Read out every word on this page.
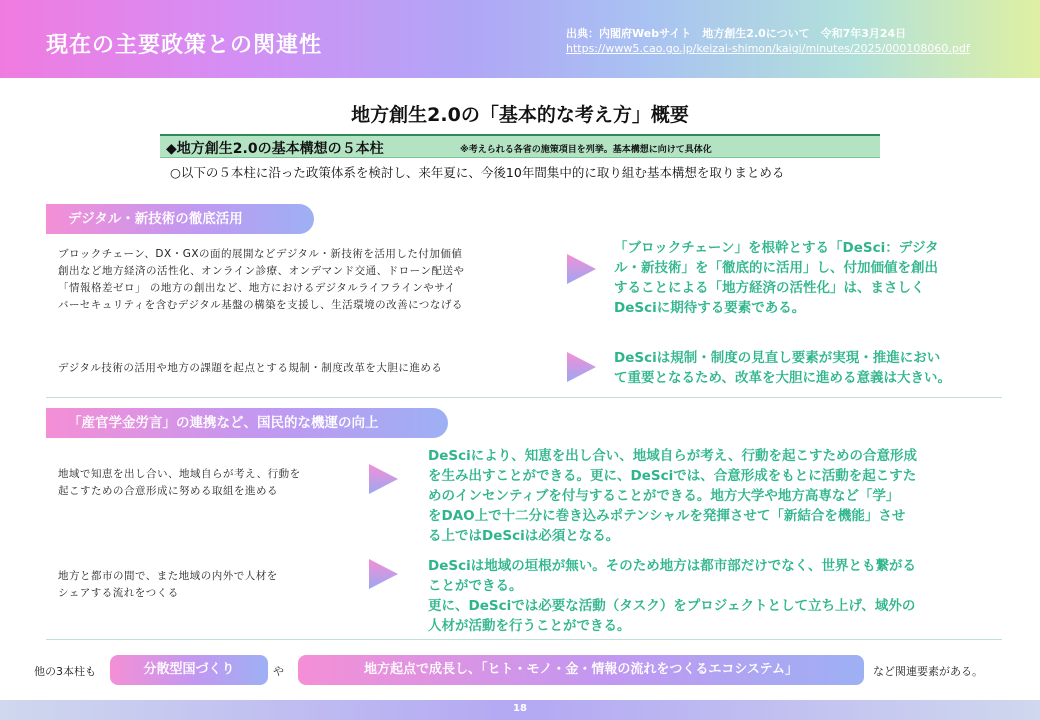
現在の主要政策との関連性	出典：内閣府Webサイト　地方創生2.0について　令和7年3月24日
https://www5.cao.go.jp/keizai-shimon/kaigi/minutes/2025/000108060.pdf
地方創生2.0の「基本的な考え方」概要
◆地方創生2.0の基本構想の５本柱	※考えられる各省の施策項目を列挙。基本構想に向けて具体化
○以下の５本柱に沿った政策体系を検討し、来年夏に、今後10年間集中的に取り組む基本構想を取りまとめる
デジタル・新技術の徹底活用
ブロックチェーン、DX・GXの面的展開などデジタル・新技術を活用した付加価値
創出など地方経済の活性化、オンライン診療、オンデマンド交通、ドローン配送や
「情報格差ゼロ」 の地方の創出など、地方におけるデジタルライフラインやサイ
バーセキュリティを含むデジタル基盤の構築を支援し、生活環境の改善につなげる
「ブロックチェーン」を根幹とする「DeSci：デジタ
ル・新技術」を「徹底的に活用」し、付加価値を創出
することによる「地方経済の活性化」は、まさしく
DeSciに期待する要素である。
デジタル技術の活用や地方の課題を起点とする規制・制度改革を大胆に進める
DeSciは規制・制度の見直し要素が実現・推進におい
て重要となるため、改革を大胆に進める意義は大きい。
「産官学金労言」の連携など、国民的な機運の向上
地域で知恵を出し合い、地域自らが考え、行動を
起こすための合意形成に努める取組を進める
DeSciにより、知恵を出し合い、地域自らが考え、行動を起こすための合意形成
を生み出すことができる。更に、DeSciでは、合意形成をもとに活動を起こすた
めのインセンティブを付与することができる。地方大学や地方高専など「学」
をDAO上で十二分に巻き込みポテンシャルを発揮させて「新結合を機能」させ
る上ではDeSciは必須となる。
地方と都市の間で、また地域の内外で人材を
シェアする流れをつくる
DeSciは地域の垣根が無い。そのため地方は都市部だけでなく、世界とも繋がる
ことができる。
更に、DeSciでは必要な活動（タスク）をプロジェクトとして立ち上げ、域外の
人材が活動を行うことができる。
他の3本柱も	分散型国づくり	や	地方起点で成長し、「ヒト・モノ・金・情報の流れをつくるエコシステム」	など関連要素がある。
18
